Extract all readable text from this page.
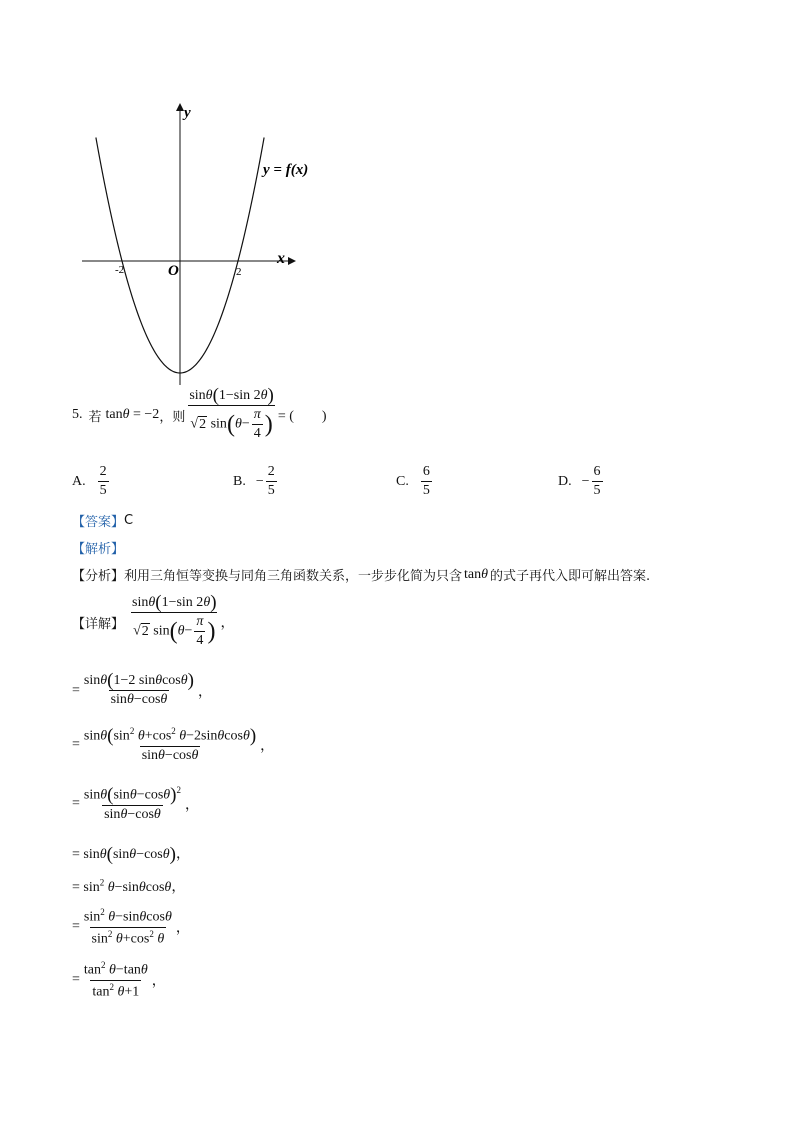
y
x
O
y = f(x)
-2	2
5. 若 tanθ = −2 ，则 $\frac{\sin\theta(1-\sin 2\theta)}{√2 \sin(\theta- \frac{\pi}{4} )}$ = (　　)
A. $\frac{2}{5}$	B. − $\frac{2}{5}$	C. $\frac{6}{5}$	D. − $\frac{6}{5}$
【答案】 C
【解析】
【分析】 利用三角恒等变换与同角三角函数关系，一步步化简为只含 tanθ 的式子再代入即可解出答案.
【详解】 $\frac{\sin\theta(1-\sin 2\theta)}{√2 \sin(\theta- \frac{\pi}{4} )}$ ，
= $\frac{\sin\theta(1-2 \sin\theta\cos\theta)}{\sin\theta-\cos\theta}$ ，
= $\frac{\sin\theta(\sin^2 \theta+\cos^2 \theta-2\sin\theta\cos\theta)}{\sin\theta-\cos\theta}$ ，
= $\frac{\sin\theta(\sin\theta-\cos\theta)^2}{\sin\theta-\cos\theta}$ ，
= sinθ(sinθ−cosθ)，
= $\sin^2 \theta-\sin\theta\cos\theta$，
= $\frac{\sin^2 \theta-\sin\theta\cos\theta}{\sin^2 \theta+\cos^2 \theta}$ ，
= $\frac{\tan^2 \theta-\tan\theta}{\tan^2 \theta+1}$ ，
